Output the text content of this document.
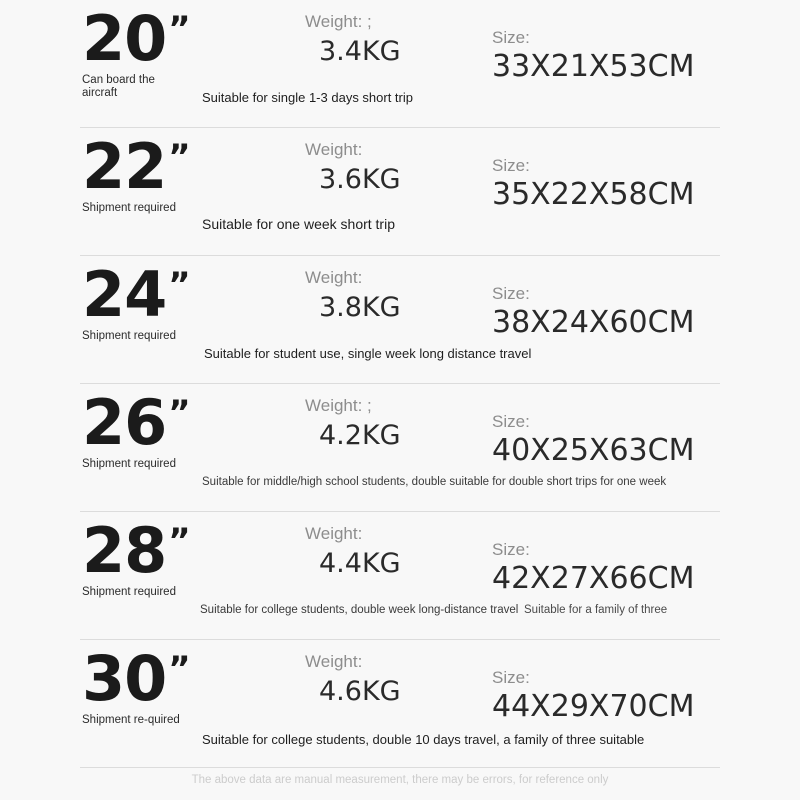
20”
Can board the aircraft
Weight: ;
3.4KG	Size:
33X21X53CM
Suitable for single 1-3 days short trip
22”
Shipment required
Weight:
3.6KG	Size:
35X22X58CM
Suitable for one week short trip
24”
Shipment required
Weight:
3.8KG	Size:
38X24X60CM
Suitable for student use, single week long distance travel
26”
Shipment required
Weight: ;
4.2KG	Size:
40X25X63CM
Suitable for middle/high school students, double suitable for double short trips for one week
28”
Shipment required
Weight:
4.4KG	Size:
42X27X66CM
Suitable for college students, double week long-distance travel Suitable for a family of three
30”
Shipment re-quired
Weight:
4.6KG	Size:
44X29X70CM
Suitable for college students, double 10 days travel, a family of three suitable
The above data are manual measurement, there may be errors, for reference only
